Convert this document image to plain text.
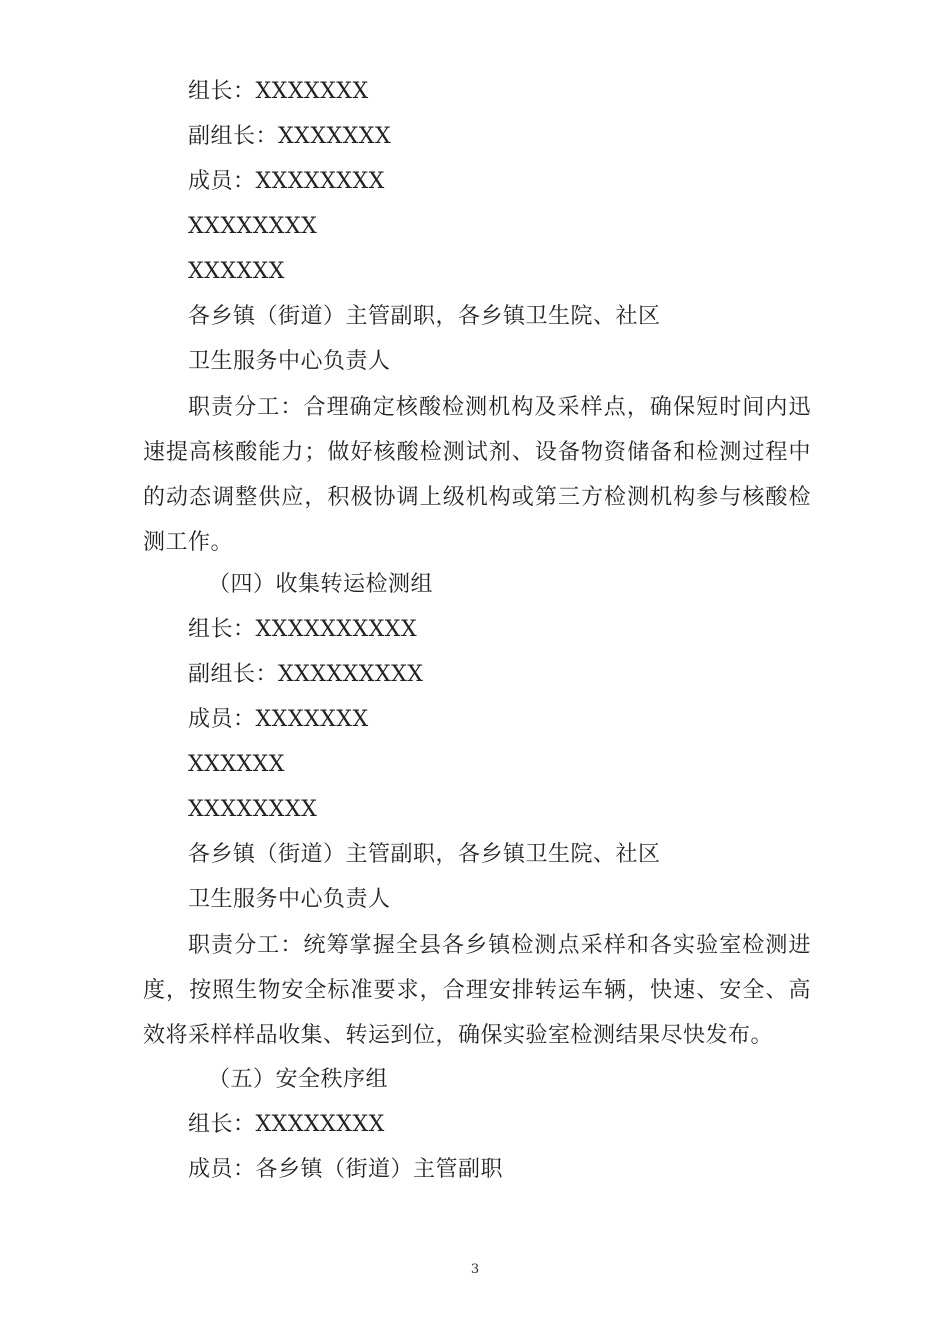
组长：XXXXXXX
副组长：XXXXXXX
成员：XXXXXXXX
XXXXXXXX
XXXXXX
各乡镇（街道）主管副职，各乡镇卫生院、社区
卫生服务中心负责人
职责分工：合理确定核酸检测机构及采样点，确保短时间内迅速提高核酸能力；做好核酸检测试剂、设备物资储备和检测过程中的动态调整供应，积极协调上级机构或第三方检测机构参与核酸检测工作。
（四）收集转运检测组
组长：XXXXXXXXXX
副组长：XXXXXXXXX
成员：XXXXXXX
XXXXXX
XXXXXXXX
各乡镇（街道）主管副职，各乡镇卫生院、社区
卫生服务中心负责人
职责分工：统筹掌握全县各乡镇检测点采样和各实验室检测进度，按照生物安全标准要求，合理安排转运车辆，快速、安全、高效将采样样品收集、转运到位，确保实验室检测结果尽快发布。
（五）安全秩序组
组长：XXXXXXXX
成员：各乡镇（街道）主管副职
3
